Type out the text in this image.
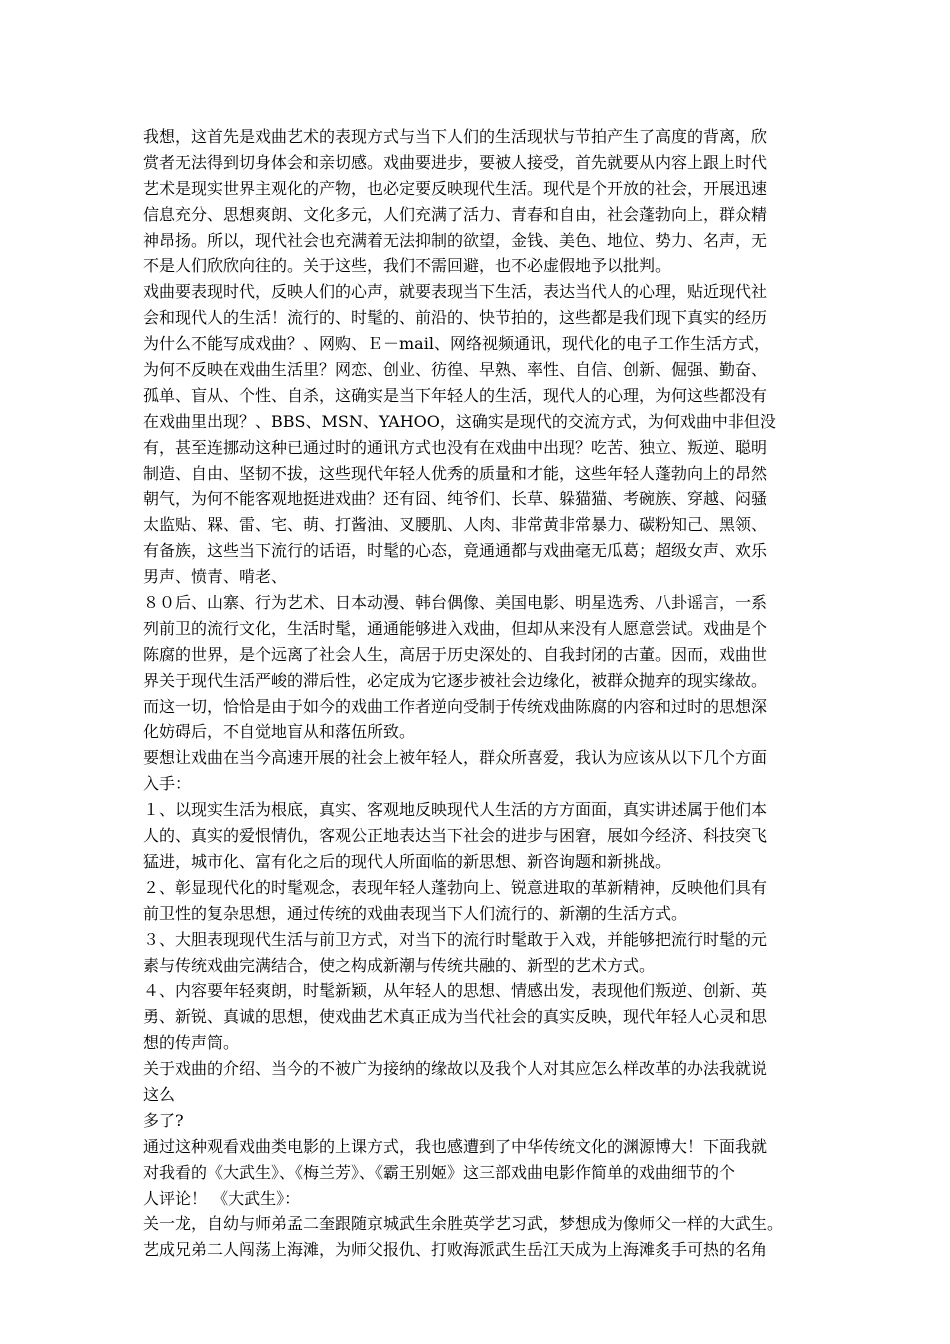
我想，这首先是戏曲艺术的表现方式与当下人们的生活现状与节拍产生了高度的背离，欣
赏者无法得到切身体会和亲切感。戏曲要进步，要被人接受，首先就要从内容上跟上时代
艺术是现实世界主观化的产物，也必定要反映现代生活。现代是个开放的社会，开展迅速
信息充分、思想爽朗、文化多元，人们充满了活力、青春和自由，社会蓬勃向上，群众精
神昂扬。所以，现代社会也充满着无法抑制的欲望，金钱、美色、地位、势力、名声，无
不是人们欣欣向往的。关于这些，我们不需回避，也不必虚假地予以批判。
戏曲要表现时代，反映人们的心声，就要表现当下生活，表达当代人的心理，贴近现代社
会和现代人的生活！流行的、时髦的、前沿的、快节拍的，这些都是我们现下真实的经历
为什么不能写成戏曲？、网购、Ｅ－mail、网络视频通讯，现代化的电子工作生活方式，
为何不反映在戏曲生活里？网恋、创业、彷徨、早熟、率性、自信、创新、倔强、勤奋、
孤单、盲从、个性、自杀，这确实是当下年轻人的生活，现代人的心理，为何这些都没有
在戏曲里出现？、BBS、MSN、YAHOO，这确实是现代的交流方式，为何戏曲中非但没
有，甚至连挪动这种已通过时的通讯方式也没有在戏曲中出现？吃苦、独立、叛逆、聪明
制造、自由、坚韧不拔，这些现代年轻人优秀的质量和才能，这些年轻人蓬勃向上的昂然
朝气，为何不能客观地挺进戏曲？还有囧、纯爷们、长草、躲猫猫、考碗族、穿越、闷骚
太监贴、槑、雷、宅、萌、打酱油、叉腰肌、人肉、非常黄非常暴力、碳粉知己、黑领、
有备族，这些当下流行的话语，时髦的心态，竟通通都与戏曲毫无瓜葛；超级女声、欢乐
男声、愤青、啃老、
８０后、山寨、行为艺术、日本动漫、韩台偶像、美国电影、明星选秀、八卦谣言，一系
列前卫的流行文化，生活时髦，通通能够进入戏曲，但却从来没有人愿意尝试。戏曲是个
陈腐的世界，是个远离了社会人生，高居于历史深处的、自我封闭的古董。因而，戏曲世
界关于现代生活严峻的滞后性，必定成为它逐步被社会边缘化，被群众抛弃的现实缘故。
而这一切，恰恰是由于如今的戏曲工作者逆向受制于传统戏曲陈腐的内容和过时的思想深
化妨碍后，不自觉地盲从和落伍所致。
要想让戏曲在当今高速开展的社会上被年轻人，群众所喜爱，我认为应该从以下几个方面
入手：
１、以现实生活为根底，真实、客观地反映现代人生活的方方面面，真实讲述属于他们本
人的、真实的爱恨情仇，客观公正地表达当下社会的进步与困窘，展如今经济、科技突飞
猛进，城市化、富有化之后的现代人所面临的新思想、新咨询题和新挑战。
２、彰显现代化的时髦观念，表现年轻人蓬勃向上、锐意进取的革新精神，反映他们具有
前卫性的复杂思想，通过传统的戏曲表现当下人们流行的、新潮的生活方式。
３、大胆表现现代生活与前卫方式，对当下的流行时髦敢于入戏，并能够把流行时髦的元
素与传统戏曲完满结合，使之构成新潮与传统共融的、新型的艺术方式。
４、内容要年轻爽朗，时髦新颖，从年轻人的思想、情感出发，表现他们叛逆、创新、英
勇、新锐、真诚的思想，使戏曲艺术真正成为当代社会的真实反映，现代年轻人心灵和思
想的传声筒。
关于戏曲的介绍、当今的不被广为接纳的缘故以及我个人对其应怎么样改革的办法我就说
这么
多了?
通过这种观看戏曲类电影的上课方式，我也感遭到了中华传统文化的渊源博大！下面我就
对我看的《大武生》、《梅兰芳》、《霸王别姬》这三部戏曲电影作简单的戏曲细节的个
人评论！ 《大武生》：
关一龙，自幼与师弟孟二奎跟随京城武生余胜英学艺习武，梦想成为像师父一样的大武生。
艺成兄弟二人闯荡上海滩，为师父报仇、打败海派武生岳江天成为上海滩炙手可热的名角
